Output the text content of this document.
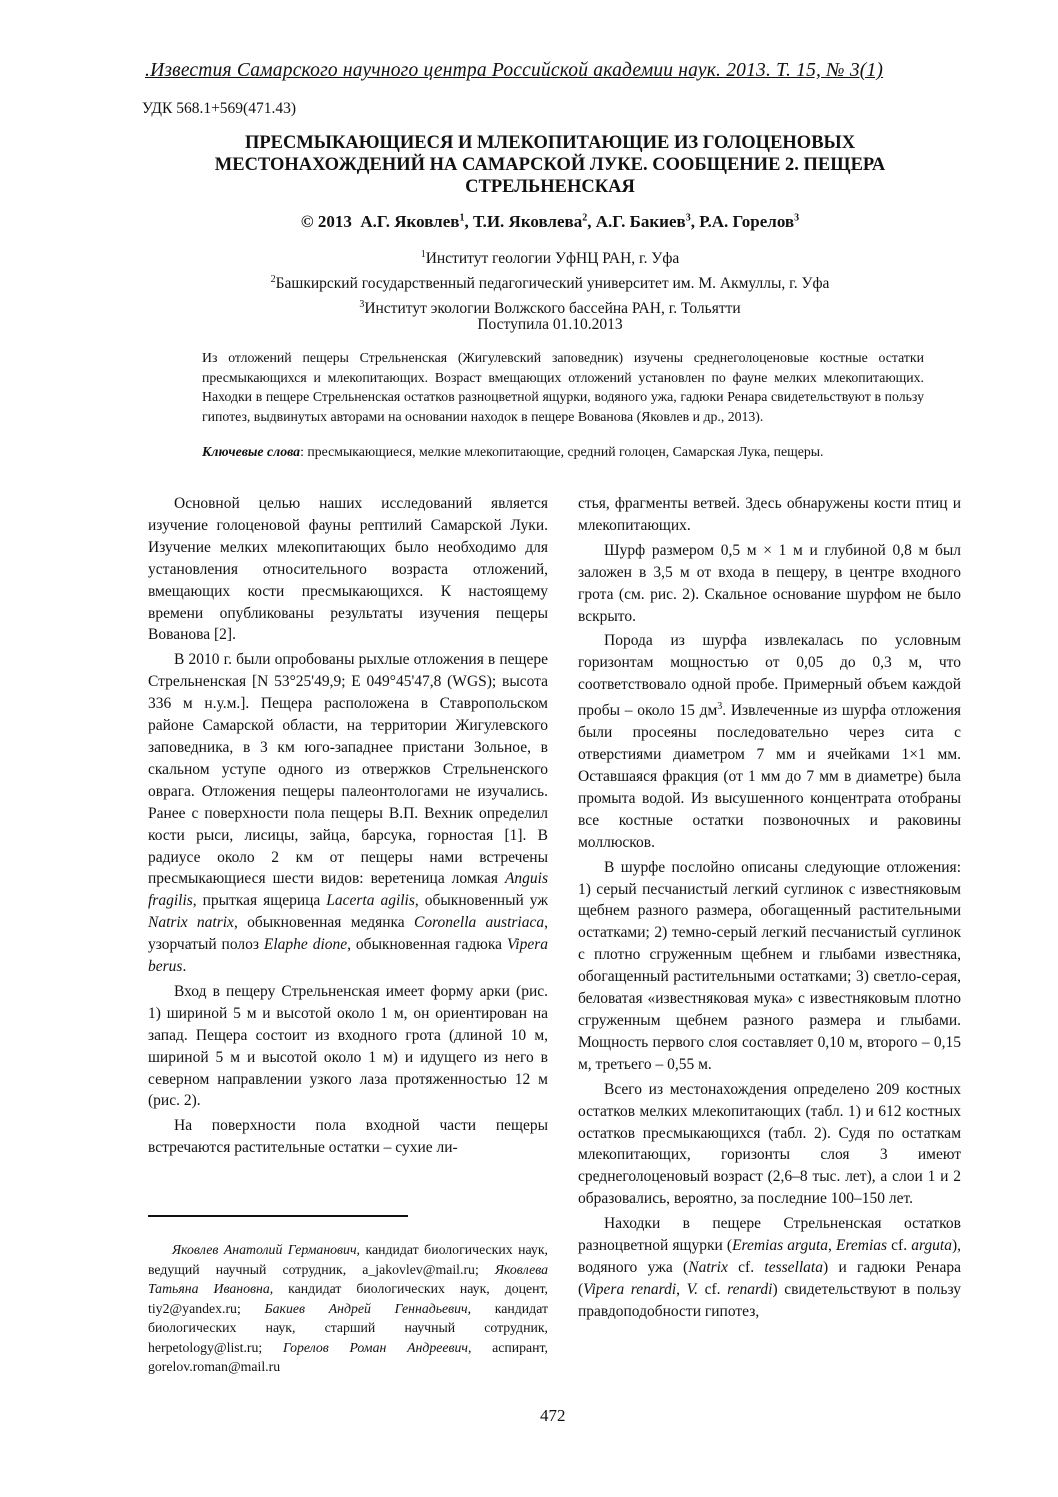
.Известия Самарского научного центра Российской академии наук. 2013. Т. 15, № 3(1)
УДК 568.1+569(471.43)
ПРЕСМЫКАЮЩИЕСЯ И МЛЕКОПИТАЮЩИЕ ИЗ ГОЛОЦЕНОВЫХ
МЕСТОНАХОЖДЕНИЙ НА САМАРСКОЙ ЛУКЕ. СООБЩЕНИЕ 2. ПЕЩЕРА
СТРЕЛЬНЕНСКАЯ
© 2013 А.Г. Яковлев$^1$, Т.И. Яковлева$^2$, А.Г. Бакиев$^3$, Р.А. Горелов$^3$
$^1$Институт геологии УфНЦ РАН, г. Уфа
$^2$Башкирский государственный педагогический университет им. М. Акмуллы, г. Уфа
$^3$Институт экологии Волжского бассейна РАН, г. Тольятти
Поступила 01.10.2013
Из отложений пещеры Стрельненская (Жигулевский заповедник) изучены среднеголоценовые костные остатки пресмыкающихся и млекопитающих. Возраст вмещающих отложений установлен по фауне мелких млекопитающих. Находки в пещере Стрельненская остатков разноцветной ящурки, водяного ужа, гадюки Ренара свидетельствуют в пользу гипотез, выдвинутых авторами на основании находок в пещере Вованова (Яковлев и др., 2013).
Ключевые слова: пресмыкающиеся, мелкие млекопитающие, средний голоцен, Самарская Лука, пещеры.

Основной целью наших исследований является изучение голоценовой фауны рептилий Самарской Луки. Изучение мелких млекопитающих было необходимо для установления относительного возраста отложений, вмещающих кости пресмыкающихся. К настоящему времени опубликованы результаты изучения пещеры Вованова [2].

В 2010 г. были опробованы рыхлые отложения в пещере Стрельненская [N 53°25'49,9; E 049°45'47,8 (WGS); высота 336 м н.у.м.]. Пещера расположена в Ставропольском районе Самарской области, на территории Жигулевского заповедника, в 3 км юго-западнее пристани Зольное, в скальном уступе одного из отвержков Стрельненского оврага. Отложения пещеры палеонтологами не изучались. Ранее с поверхности пола пещеры В.П. Вехник определил кости рыси, лисицы, зайца, барсука, горностая [1]. В радиусе около 2 км от пещеры нами встречены пресмыкающиеся шести видов: веретеница ломкая Anguis fragilis, прыткая ящерица Lacerta agilis, обыкновенный уж Natrix natrix, обыкновенная медянка Coronella austriaca, узорчатый полоз Elaphe dione, обыкновенная гадюка Vipera berus.

Вход в пещеру Стрельненская имеет форму арки (рис. 1) шириной 5 м и высотой около 1 м, он ориентирован на запад. Пещера состоит из входного грота (длиной 10 м, шириной 5 м и высотой около 1 м) и идущего из него в северном направлении узкого лаза протяженностью 12 м (рис. 2).

На поверхности пола входной части пещеры встречаются растительные остатки – сухие ли-

Яковлев Анатолий Германович, кандидат биологических наук, ведущий научный сотрудник, a_jakovlev@mail.ru; Яковлева Татьяна Ивановна, кандидат биологических наук, доцент, tiy2@yandex.ru; Бакиев Андрей Геннадьевич, кандидат биологических наук, старший научный сотрудник, herpetology@list.ru; Горелов Роман Андреевич, аспирант, gorelov.roman@mail.ru

стья, фрагменты ветвей. Здесь обнаружены кости птиц и млекопитающих.

Шурф размером 0,5 м × 1 м и глубиной 0,8 м был заложен в 3,5 м от входа в пещеру, в центре входного грота (см. рис. 2). Скальное основание шурфом не было вскрыто.

Порода из шурфа извлекалась по условным горизонтам мощностью от 0,05 до 0,3 м, что соответствовало одной пробе. Примерный объем каждой пробы – около 15 $дм^3$. Извлеченные из шурфа отложения были просеяны последовательно через сита с отверстиями диаметром 7 мм и ячейками 1×1 мм. Оставшаяся фракция (от 1 мм до 7 мм в диаметре) была промыта водой. Из высушенного концентрата отобраны все костные остатки позвоночных и раковины моллюсков.

В шурфе послойно описаны следующие отложения: 1) серый песчанистый легкий суглинок с известняковым щебнем разного размера, обогащенный растительными остатками; 2) темно-серый легкий песчанистый суглинок с плотно сгруженным щебнем и глыбами известняка, обогащенный растительными остатками; 3) светло-серая, беловатая «известняковая мука» с известняковым плотно сгруженным щебнем разного размера и глыбами. Мощность первого слоя составляет 0,10 м, второго – 0,15 м, третьего – 0,55 м.

Всего из местонахождения определено 209 костных остатков мелких млекопитающих (табл. 1) и 612 костных остатков пресмыкающихся (табл. 2). Судя по остаткам млекопитающих, горизонты слоя 3 имеют среднеголоценовый возраст (2,6–8 тыс. лет), а слои 1 и 2 образовались, вероятно, за последние 100–150 лет.

Находки в пещере Стрельненская остатков разноцветной ящурки (Eremias arguta, Eremias cf. arguta), водяного ужа (Natrix cf. tessellata) и гадюки Ренара (Vipera renardi, V. cf. renardi) свидетельствуют в пользу правдоподобности гипотез,

472
